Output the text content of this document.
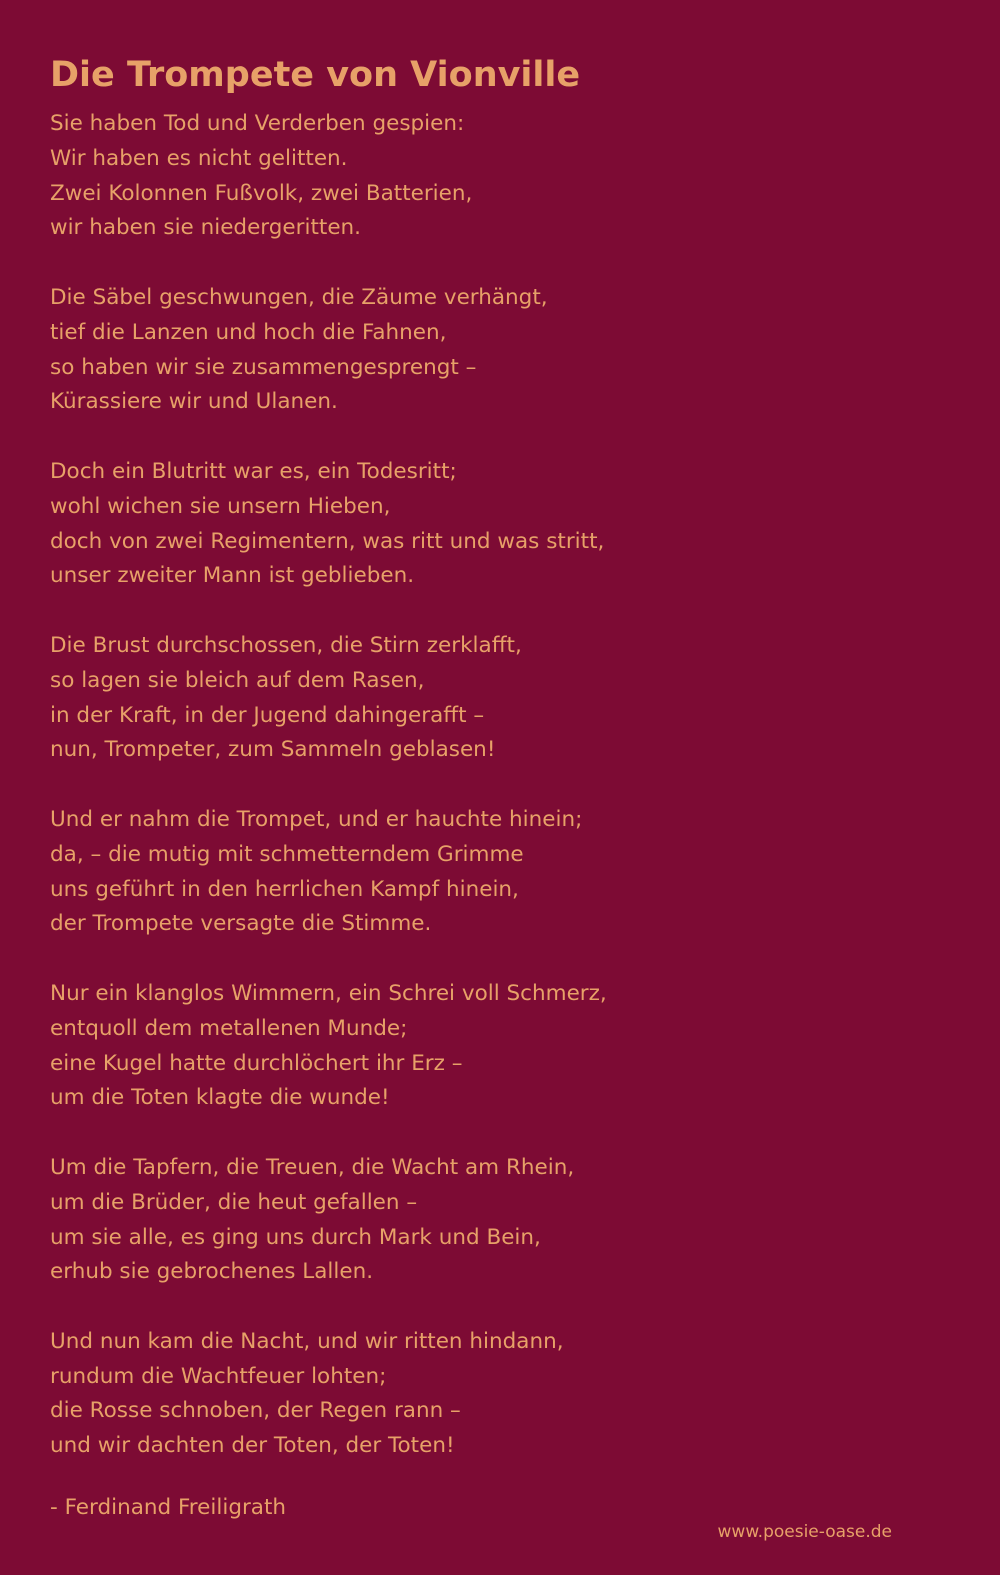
Die Trompete von Vionville
Sie haben Tod und Verderben gespien:
Wir haben es nicht gelitten.
Zwei Kolonnen Fußvolk, zwei Batterien,
wir haben sie niedergeritten.
Die Säbel geschwungen, die Zäume verhängt,
tief die Lanzen und hoch die Fahnen,
so haben wir sie zusammengesprengt –
Kürassiere wir und Ulanen.
Doch ein Blutritt war es, ein Todesritt;
wohl wichen sie unsern Hieben,
doch von zwei Regimentern, was ritt und was stritt,
unser zweiter Mann ist geblieben.
Die Brust durchschossen, die Stirn zerklafft,
so lagen sie bleich auf dem Rasen,
in der Kraft, in der Jugend dahingerafft –
nun, Trompeter, zum Sammeln geblasen!
Und er nahm die Trompet, und er hauchte hinein;
da, – die mutig mit schmetterndem Grimme
uns geführt in den herrlichen Kampf hinein,
der Trompete versagte die Stimme.
Nur ein klanglos Wimmern, ein Schrei voll Schmerz,
entquoll dem metallenen Munde;
eine Kugel hatte durchlöchert ihr Erz –
um die Toten klagte die wunde!
Um die Tapfern, die Treuen, die Wacht am Rhein,
um die Brüder, die heut gefallen –
um sie alle, es ging uns durch Mark und Bein,
erhub sie gebrochenes Lallen.
Und nun kam die Nacht, und wir ritten hindann,
rundum die Wachtfeuer lohten;
die Rosse schnoben, der Regen rann –
und wir dachten der Toten, der Toten!
- Ferdinand Freiligrath
www.poesie-oase.de
